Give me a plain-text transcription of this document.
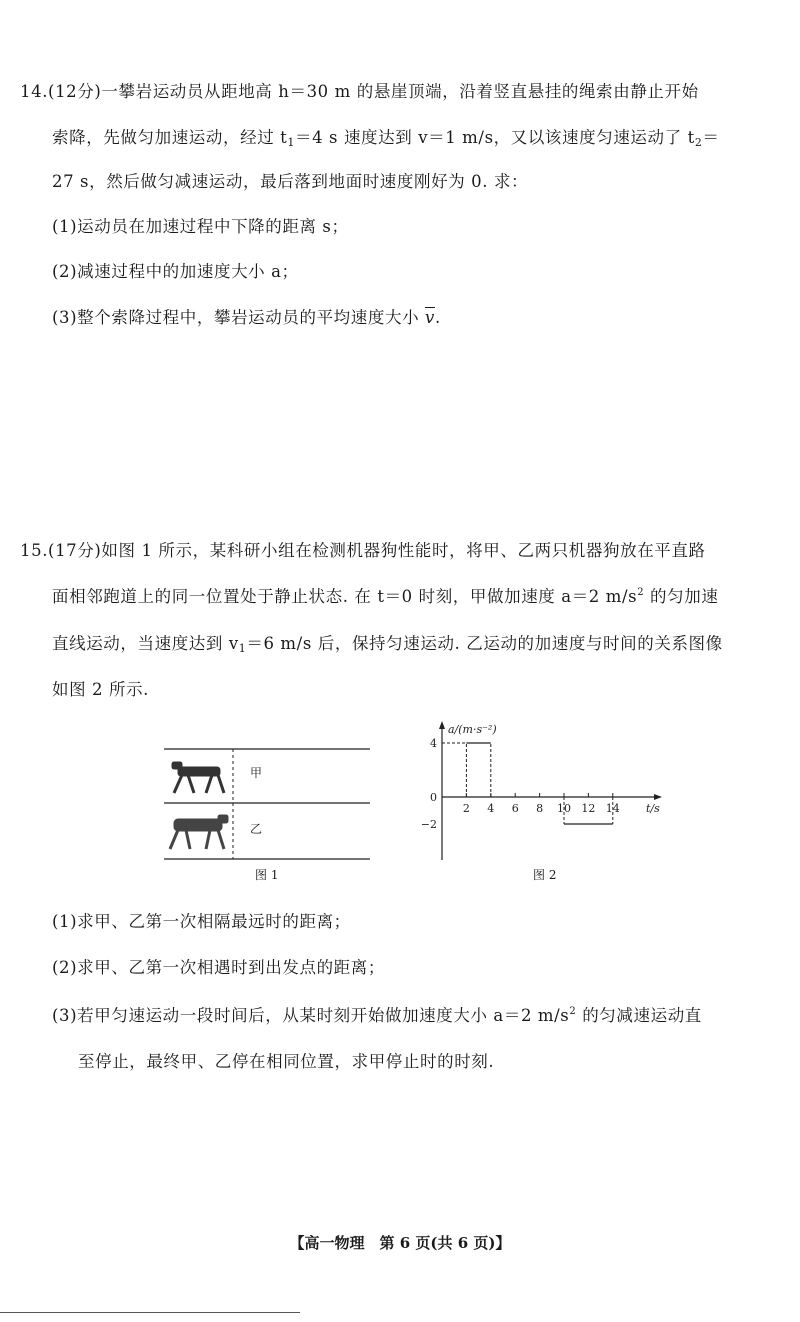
14.(12分)一攀岩运动员从距地高 h＝30 m 的悬崖顶端，沿着竖直悬挂的绳索由静止开始
索降，先做匀加速运动，经过 $t_1=4$ s 速度达到 v＝1 m/s，又以该速度匀速运动了 $t_2=$
27 s，然后做匀减速运动，最后落到地面时速度刚好为 0. 求：
(1)运动员在加速过程中下降的距离 s；
(2)减速过程中的加速度大小 a；
(3)整个索降过程中，攀岩运动员的平均速度大小 $\overline{v}$.
15.(17分)如图 1 所示，某科研小组在检测机器狗性能时，将甲、乙两只机器狗放在平直路
面相邻跑道上的同一位置处于静止状态. 在 t＝0 时刻，甲做加速度 a＝2 $m/s^2$ 的匀加速
直线运动，当速度达到 $v_1=6$ m/s 后，保持匀速运动. 乙运动的加速度与时间的关系图像
如图 2 所示.
甲
乙
图 1
a/(m·s⁻²)
t/s
2 4 6 8 10 12 14
4
0
−2
图 2
(1)求甲、乙第一次相隔最远时的距离；
(2)求甲、乙第一次相遇时到出发点的距离；
(3)若甲匀速运动一段时间后，从某时刻开始做加速度大小 a＝2 $m/s^2$ 的匀减速运动直
至停止，最终甲、乙停在相同位置，求甲停止时的时刻.
【高一物理　第 6 页(共 6 页)】
